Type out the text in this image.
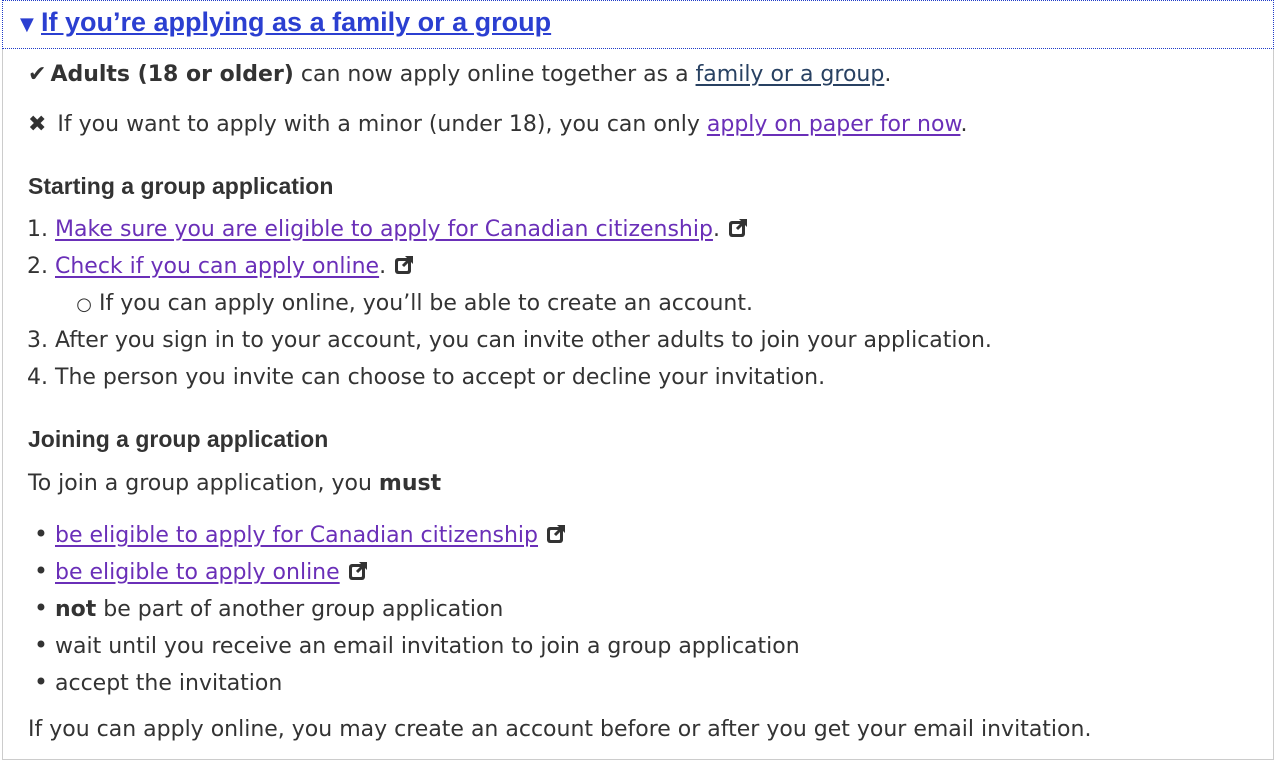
▼ If you’re applying as a family or a group
✔ Adults (18 or older) can now apply online together as a family or a group.
✖ If you want to apply with a minor (under 18), you can only apply on paper for now.
Starting a group application
1. Make sure you are eligible to apply for Canadian citizenship.
2. Check if you can apply online.
○ If you can apply online, you’ll be able to create an account.
3. After you sign in to your account, you can invite other adults to join your application.
4. The person you invite can choose to accept or decline your invitation.
Joining a group application
To join a group application, you must
• be eligible to apply for Canadian citizenship
• be eligible to apply online
• not be part of another group application
• wait until you receive an email invitation to join a group application
• accept the invitation
If you can apply online, you may create an account before or after you get your email invitation.
